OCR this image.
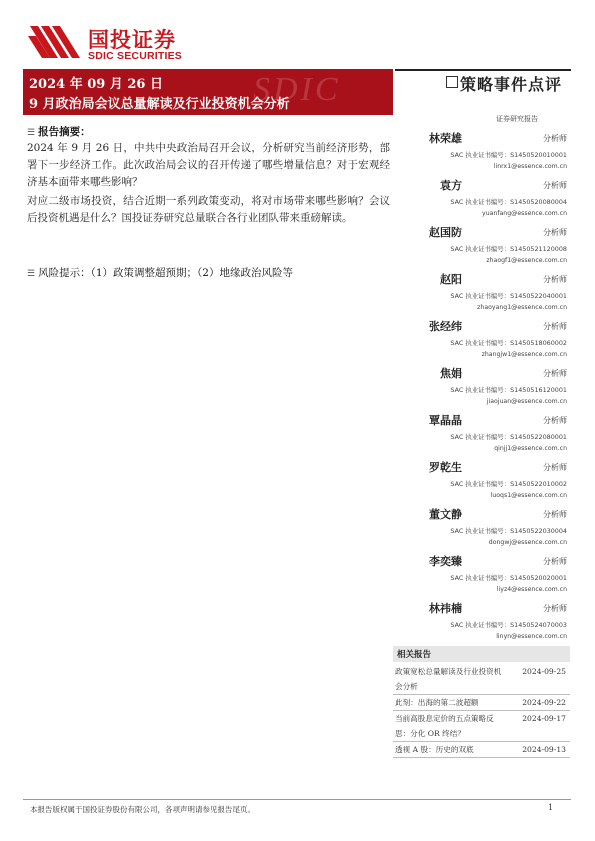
国投证券
SDIC SECURITIES
SDIC
2024 年 09 月 26 日
9 月政治局会议总量解读及行业投资机会分析
策略事件点评
证券研究报告
☰ 报告摘要：
2024 年 9 月 26 日，中共中央政治局召开会议，分析研究当前经济形势，部署下一步经济工作。此次政治局会议的召开传递了哪些增量信息？对于宏观经济基本面带来哪些影响？
对应二级市场投资，结合近期一系列政策变动，将对市场带来哪些影响？会议后投资机遇是什么？国投证券研究总量联合各行业团队带来重磅解读。
☰ 风险提示：（1）政策调整超预期；（2）地缘政治风险等
林荣雄	分析师
SAC 执业证书编号：S1450520010001
linrx1@essence.com.cn
袁方	分析师
SAC 执业证书编号：S1450520080004
yuanfang@essence.com.cn
赵国防	分析师
SAC 执业证书编号：S1450521120008
zhaogf1@essence.com.cn
赵阳	分析师
SAC 执业证书编号：S1450522040001
zhaoyang1@essence.com.cn
张经纬	分析师
SAC 执业证书编号：S1450518060002
zhangjw1@essence.com.cn
焦娟	分析师
SAC 执业证书编号：S1450516120001
jiaojuan@essence.com.cn
覃晶晶	分析师
SAC 执业证书编号：S1450522080001
qinjj1@essence.com.cn
罗乾生	分析师
SAC 执业证书编号：S1450522010002
luoqs1@essence.com.cn
董文静	分析师
SAC 执业证书编号：S1450522030004
dongwj@essence.com.cn
李奕臻	分析师
SAC 执业证书编号：S1450520020001
liyz4@essence.com.cn
林祎楠	分析师
SAC 执业证书编号：S1450524070003
linyn@essence.com.cn
相关报告
政策宽松总量解读及行业投资机会分析
2024-09-25
此刻：出海的第二波超额	2024-09-22
当前高股息定价的五点策略反思：分化 OR 终结？
2024-09-17
透视 A 股：历史的双底	2024-09-13
本报告版权属于国投证券股份有限公司，各项声明请参见报告尾页。	1
